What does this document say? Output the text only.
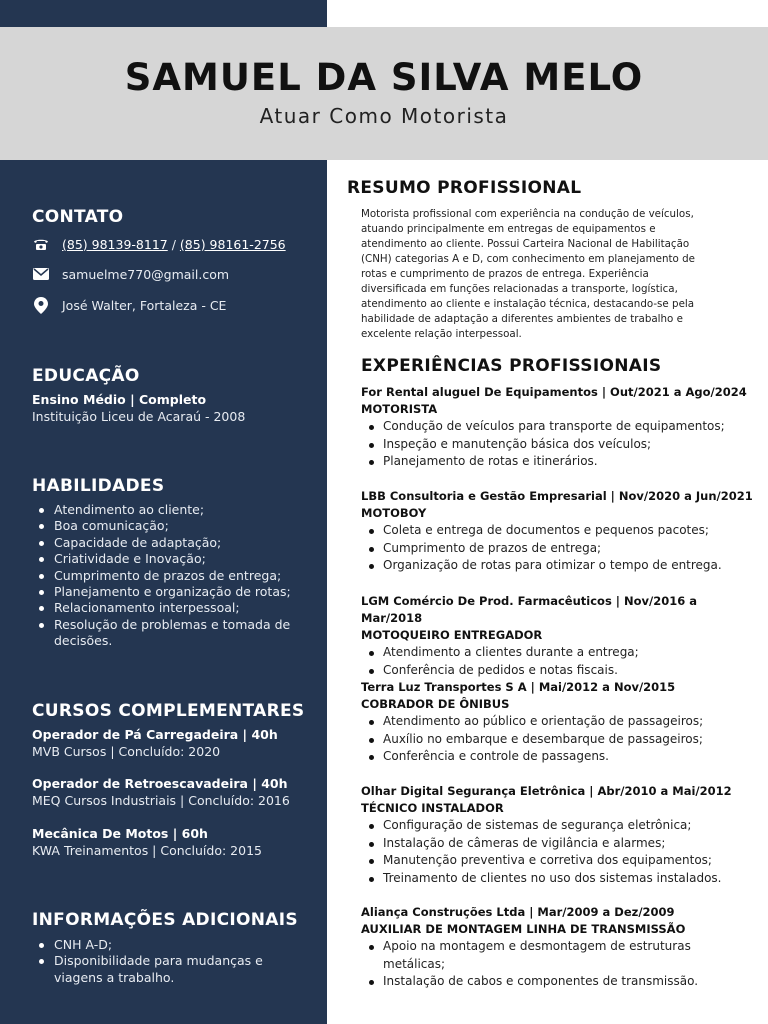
SAMUEL DA SILVA MELO
Atuar Como Motorista
CONTATO
(85) 98139-8117 / (85) 98161-2756
samuelme770@gmail.com
José Walter, Fortaleza - CE
EDUCAÇÃO
Ensino Médio | Completo
Instituição Liceu de Acaraú - 2008
HABILIDADES
Atendimento ao cliente;
Boa comunicação;
Capacidade de adaptação;
Criatividade e Inovação;
Cumprimento de prazos de entrega;
Planejamento e organização de rotas;
Relacionamento interpessoal;
Resolução de problemas e tomada de decisões.
CURSOS COMPLEMENTARES
Operador de Pá Carregadeira | 40h
MVB Cursos | Concluído: 2020
Operador de Retroescavadeira | 40h
MEQ Cursos Industriais | Concluído: 2016
Mecânica De Motos | 60h
KWA Treinamentos | Concluído: 2015
INFORMAÇÕES ADICIONAIS
CNH A-D;
Disponibilidade para mudanças e viagens a trabalho.
RESUMO PROFISSIONAL
Motorista profissional com experiência na condução de veículos, atuando principalmente em entregas de equipamentos e atendimento ao cliente. Possui Carteira Nacional de Habilitação (CNH) categorias A e D, com conhecimento em planejamento de rotas e cumprimento de prazos de entrega. Experiência diversificada em funções relacionadas a transporte, logística, atendimento ao cliente e instalação técnica, destacando-se pela habilidade de adaptação a diferentes ambientes de trabalho e excelente relação interpessoal.
EXPERIÊNCIAS PROFISSIONAIS
For Rental aluguel De Equipamentos | Out/2021 a Ago/2024
MOTORISTA
Condução de veículos para transporte de equipamentos;
Inspeção e manutenção básica dos veículos;
Planejamento de rotas e itinerários.
LBB Consultoria e Gestão Empresarial | Nov/2020 a Jun/2021
MOTOBOY
Coleta e entrega de documentos e pequenos pacotes;
Cumprimento de prazos de entrega;
Organização de rotas para otimizar o tempo de entrega.
LGM Comércio De Prod. Farmacêuticos | Nov/2016 a Mar/2018
MOTOQUEIRO ENTREGADOR
Atendimento a clientes durante a entrega;
Conferência de pedidos e notas fiscais.
Terra Luz Transportes S A | Mai/2012 a Nov/2015
COBRADOR DE ÔNIBUS
Atendimento ao público e orientação de passageiros;
Auxílio no embarque e desembarque de passageiros;
Conferência e controle de passagens.
Olhar Digital Segurança Eletrônica | Abr/2010 a Mai/2012
TÉCNICO INSTALADOR
Configuração de sistemas de segurança eletrônica;
Instalação de câmeras de vigilância e alarmes;
Manutenção preventiva e corretiva dos equipamentos;
Treinamento de clientes no uso dos sistemas instalados.
Aliança Construções Ltda | Mar/2009 a Dez/2009
AUXILIAR DE MONTAGEM LINHA DE TRANSMISSÃO
Apoio na montagem e desmontagem de estruturas metálicas;
Instalação de cabos e componentes de transmissão.
